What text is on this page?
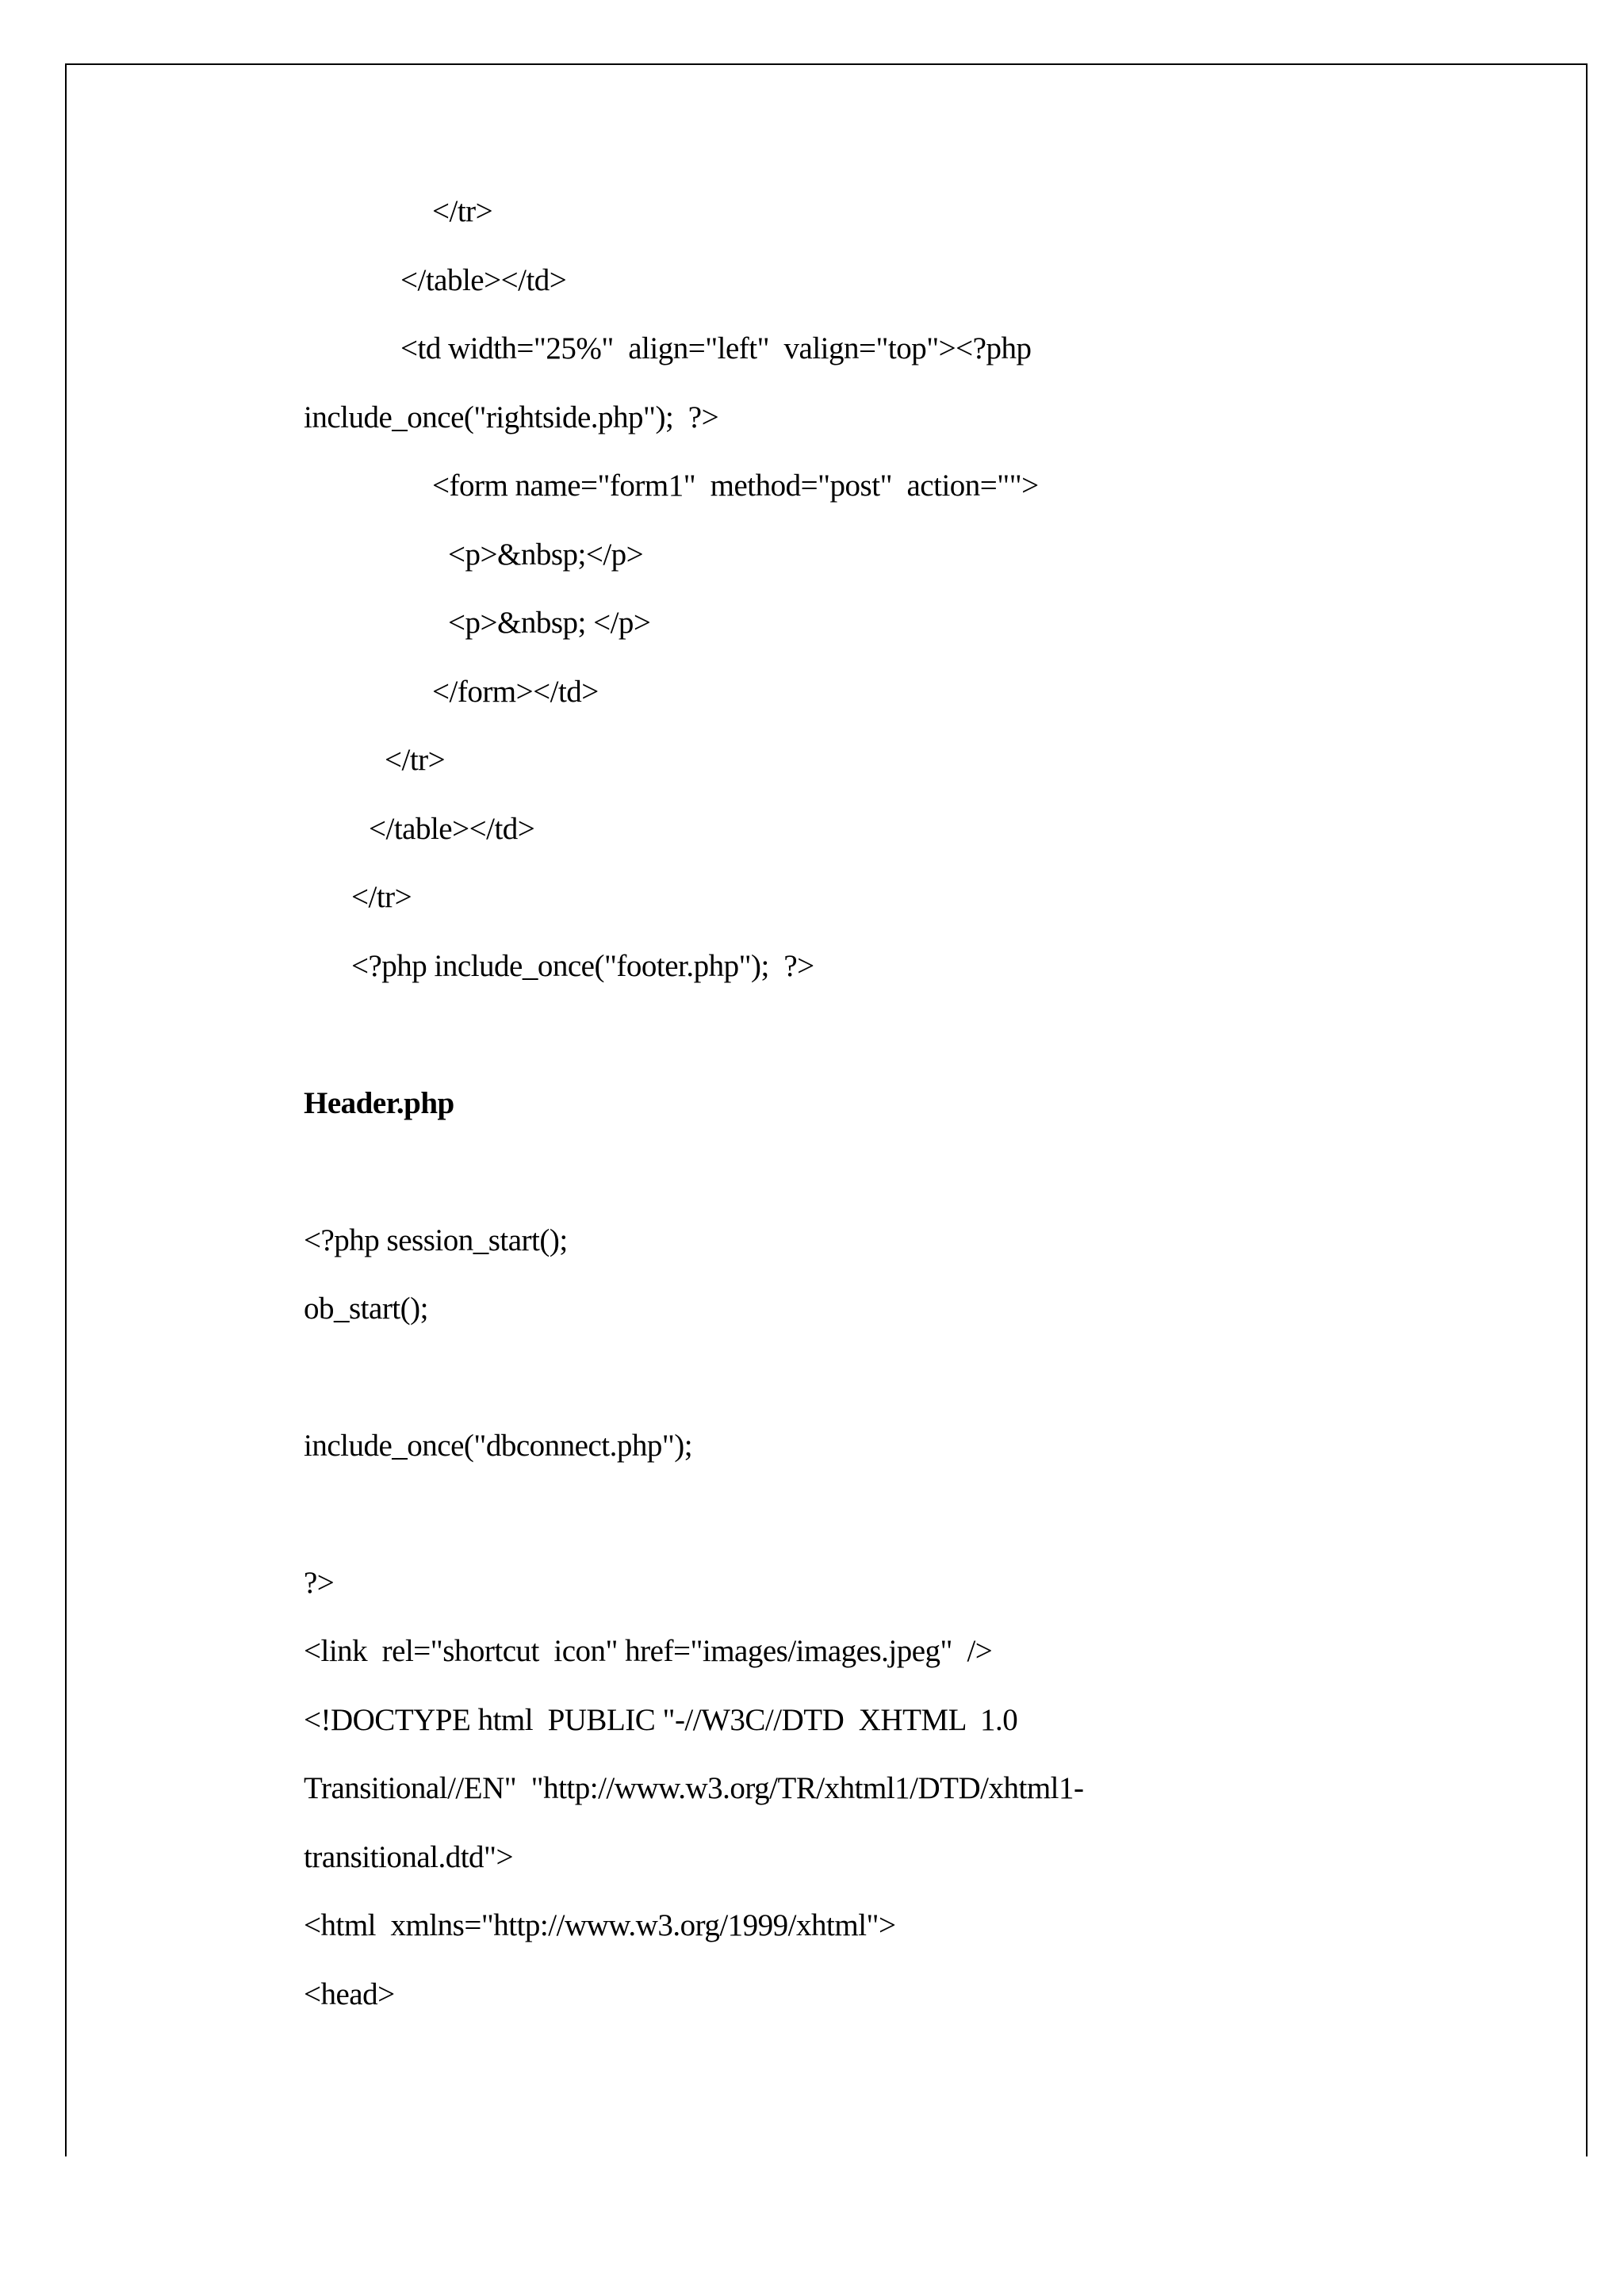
</tr>
</table></td>
<td width="25%"  align="left"  valign="top"><?php
include_once("rightside.php");  ?>
<form name="form1"  method="post"  action="">
<p>&nbsp;</p>
<p>&nbsp; </p>
</form></td>
</tr>
</table></td>
</tr>
<?php include_once("footer.php");  ?>
Header.php
<?php session_start();
ob_start();
include_once("dbconnect.php");
?>
<link  rel="shortcut  icon" href="images/images.jpeg"  />
<!DOCTYPE html  PUBLIC "-//W3C//DTD  XHTML  1.0
Transitional//EN"  "http://www.w3.org/TR/xhtml1/DTD/xhtml1-
transitional.dtd">
<html  xmlns="http://www.w3.org/1999/xhtml">
<head>
